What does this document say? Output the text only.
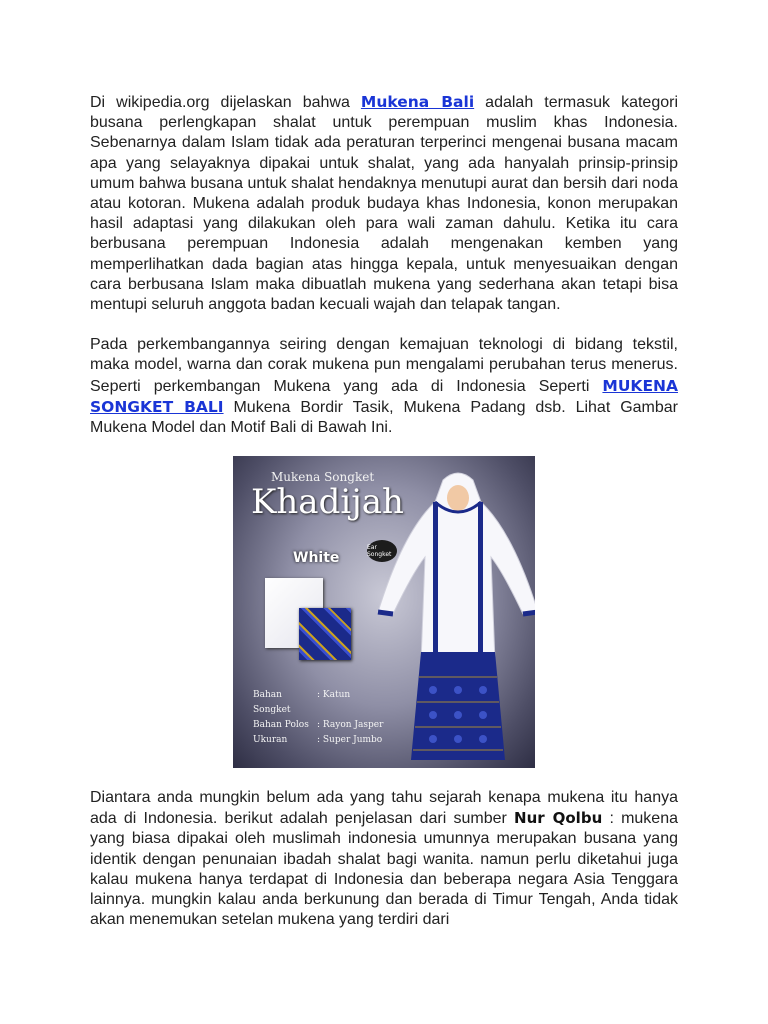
Di wikipedia.org dijelaskan bahwa Mukena Bali adalah termasuk kategori busana perlengkapan shalat untuk perempuan muslim khas Indonesia. Sebenarnya dalam Islam tidak ada peraturan terperinci mengenai busana macam apa yang selayaknya dipakai untuk shalat, yang ada hanyalah prinsip-prinsip umum bahwa busana untuk shalat hendaknya menutupi aurat dan bersih dari noda atau kotoran. Mukena adalah produk budaya khas Indonesia, konon merupakan hasil adaptasi yang dilakukan oleh para wali zaman dahulu. Ketika itu cara berbusana perempuan Indonesia adalah mengenakan kemben yang memperlihatkan dada bagian atas hingga kepala, untuk menyesuaikan dengan cara berbusana Islam maka dibuatlah mukena yang sederhana akan tetapi bisa mentupi seluruh anggota badan kecuali wajah dan telapak tangan.

Pada perkembangannya seiring dengan kemajuan teknologi di bidang tekstil, maka model, warna dan corak mukena pun mengalami perubahan terus menerus. Seperti perkembangan Mukena yang ada di Indonesia Seperti MUKENA SONGKET BALI Mukena Bordir Tasik, Mukena Padang dsb. Lihat Gambar Mukena Model dan Motif Bali di Bawah Ini.

Mukena Songket
Khadijah
White
Ear Songket
Bahan Songket
: Katun
Bahan Polos : Rayon Jasper
Ukuran	: Super Jumbo

Diantara anda mungkin belum ada yang tahu sejarah kenapa mukena itu hanya ada di Indonesia. berikut adalah penjelasan dari sumber Nur Qolbu : mukena yang biasa dipakai oleh muslimah indonesia umunnya merupakan busana yang identik dengan penunaian ibadah shalat bagi wanita. namun perlu diketahui juga kalau mukena hanya terdapat di Indonesia dan beberapa negara Asia Tenggara lainnya. mungkin kalau anda berkunung dan berada di Timur Tengah, Anda tidak akan menemukan setelan mukena yang terdiri dari
